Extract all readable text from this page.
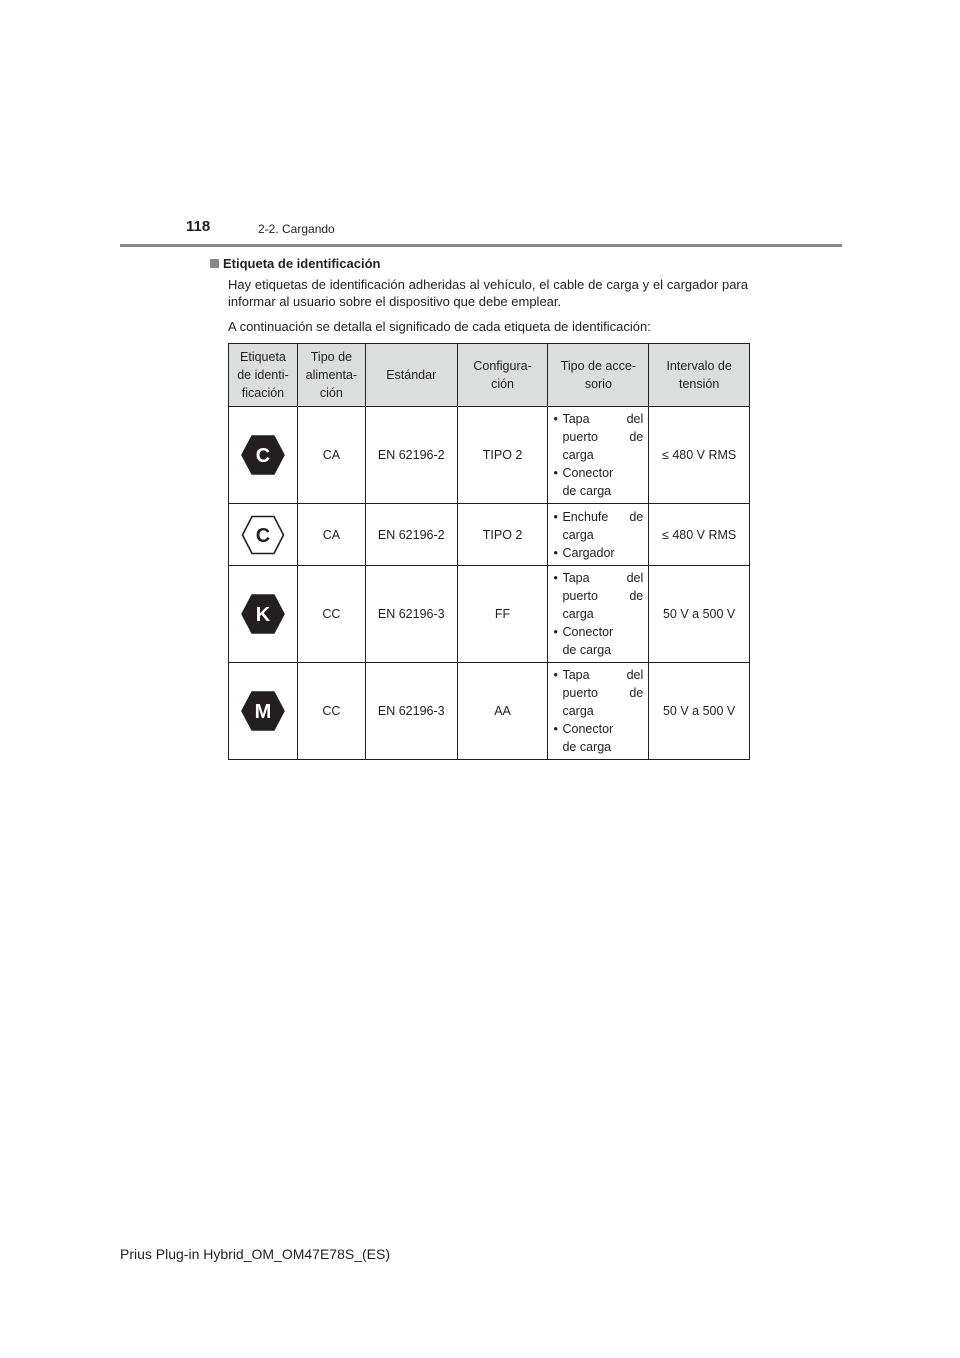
118	2-2. Cargando
Etiqueta de identificación
Hay etiquetas de identificación adheridas al vehículo, el cable de carga y el cargador para informar al usuario sobre el dispositivo que debe emplear.
A continuación se detalla el significado de cada etiqueta de identificación:
Etiqueta
de identi-
ficación	Tipo de
alimenta-
ción	Estándar	Configura-
ción	Tipo de acce-
sorio	Intervalo de
tensión

C	CA	EN 62196-2	TIPO 2	• Tapa del
puerto de
carga
• Conector
de carga	≤ 480 V RMS

C	CA	EN 62196-2	TIPO 2	• Enchufe de
carga
• Cargador	≤ 480 V RMS

K	CC	EN 62196-3	FF	• Tapa del
puerto de
carga
• Conector
de carga	50 V a 500 V

M	CC	EN 62196-3	AA	• Tapa del
puerto de
carga
• Conector
de carga	50 V a 500 V
Prius Plug-in Hybrid_OM_OM47E78S_(ES)
